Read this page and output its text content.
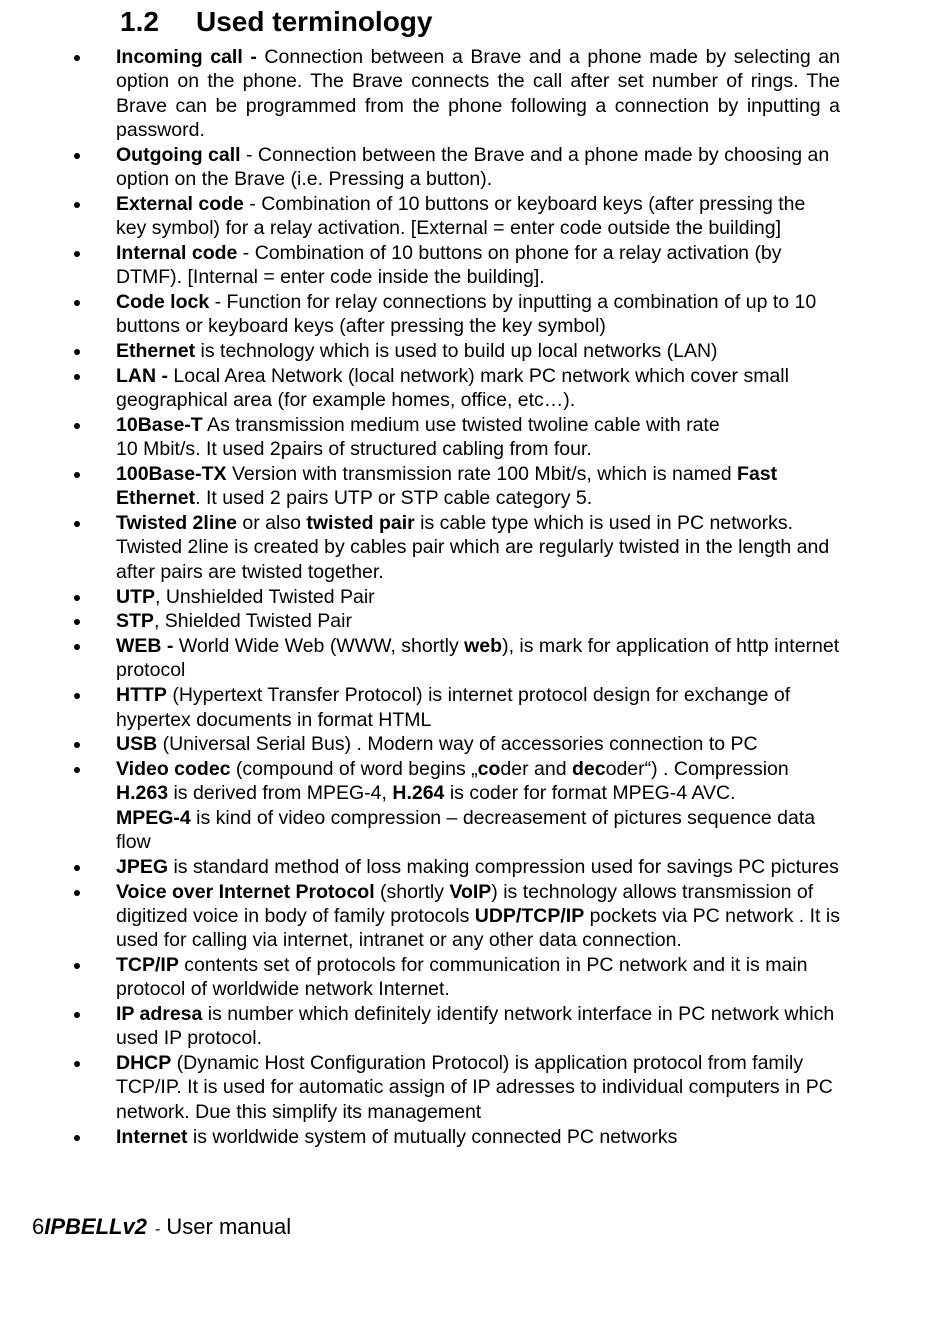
1.2 Used terminology
Incoming call - Connection between a Brave and a phone made by selecting an option on the phone. The Brave connects the call after set number of rings. The Brave can be programmed from the phone following a connection by inputting a password.
Outgoing call - Connection between the Brave and a phone made by choosing an option on the Brave (i.e. Pressing a button).
External code - Combination of 10 buttons or keyboard keys (after pressing the key symbol) for a relay activation. [External = enter code outside the building]
Internal code - Combination of 10 buttons on phone for a relay activation (by DTMF). [Internal = enter code inside the building].
Code lock - Function for relay connections by inputting a combination of up to 10 buttons or keyboard keys (after pressing the key symbol)
Ethernet is technology which is used to build up local networks (LAN)
LAN - Local Area Network (local network) mark PC network which cover small geographical area (for example homes, office, etc…).
10Base-T As transmission medium use twisted twoline cable with rate
10 Mbit/s. It used 2pairs of structured cabling from four.
100Base-TX Version with transmission rate 100 Mbit/s, which is named Fast Ethernet. It used 2 pairs UTP or STP cable category 5.
Twisted 2line or also twisted pair is cable type which is used in PC networks. Twisted 2line is created by cables pair which are regularly twisted in the length and after pairs are twisted together.
UTP, Unshielded Twisted Pair
STP, Shielded Twisted Pair
WEB - World Wide Web (WWW, shortly web), is mark for application of http internet protocol
HTTP (Hypertext Transfer Protocol) is internet protocol design for exchange of hypertex documents in format HTML
USB (Universal Serial Bus) . Modern way of accessories connection to PC
Video codec (compound of word begins „coder and decoder“) . Compression
H.263 is derived from MPEG-4, H.264 is coder for format MPEG-4 AVC.
MPEG-4 is kind of video compression – decreasement of pictures sequence data flow
JPEG is standard method of loss making compression used for savings PC pictures
Voice over Internet Protocol (shortly VoIP) is technology allows transmission of digitized voice in body of family protocols UDP/TCP/IP pockets via PC network . It is used for calling via internet, intranet or any other data connection.
TCP/IP contents set of protocols for communication in PC network and it is main protocol of worldwide network Internet.
IP adresa is number which definitely identify network interface in PC network which used IP protocol.
DHCP (Dynamic Host Configuration Protocol) is application protocol from family TCP/IP. It is used for automatic assign of IP adresses to individual computers in PC network. Due this simplify its management
Internet is worldwide system of mutually connected PC networks
6IPBELLv2 - User manual
